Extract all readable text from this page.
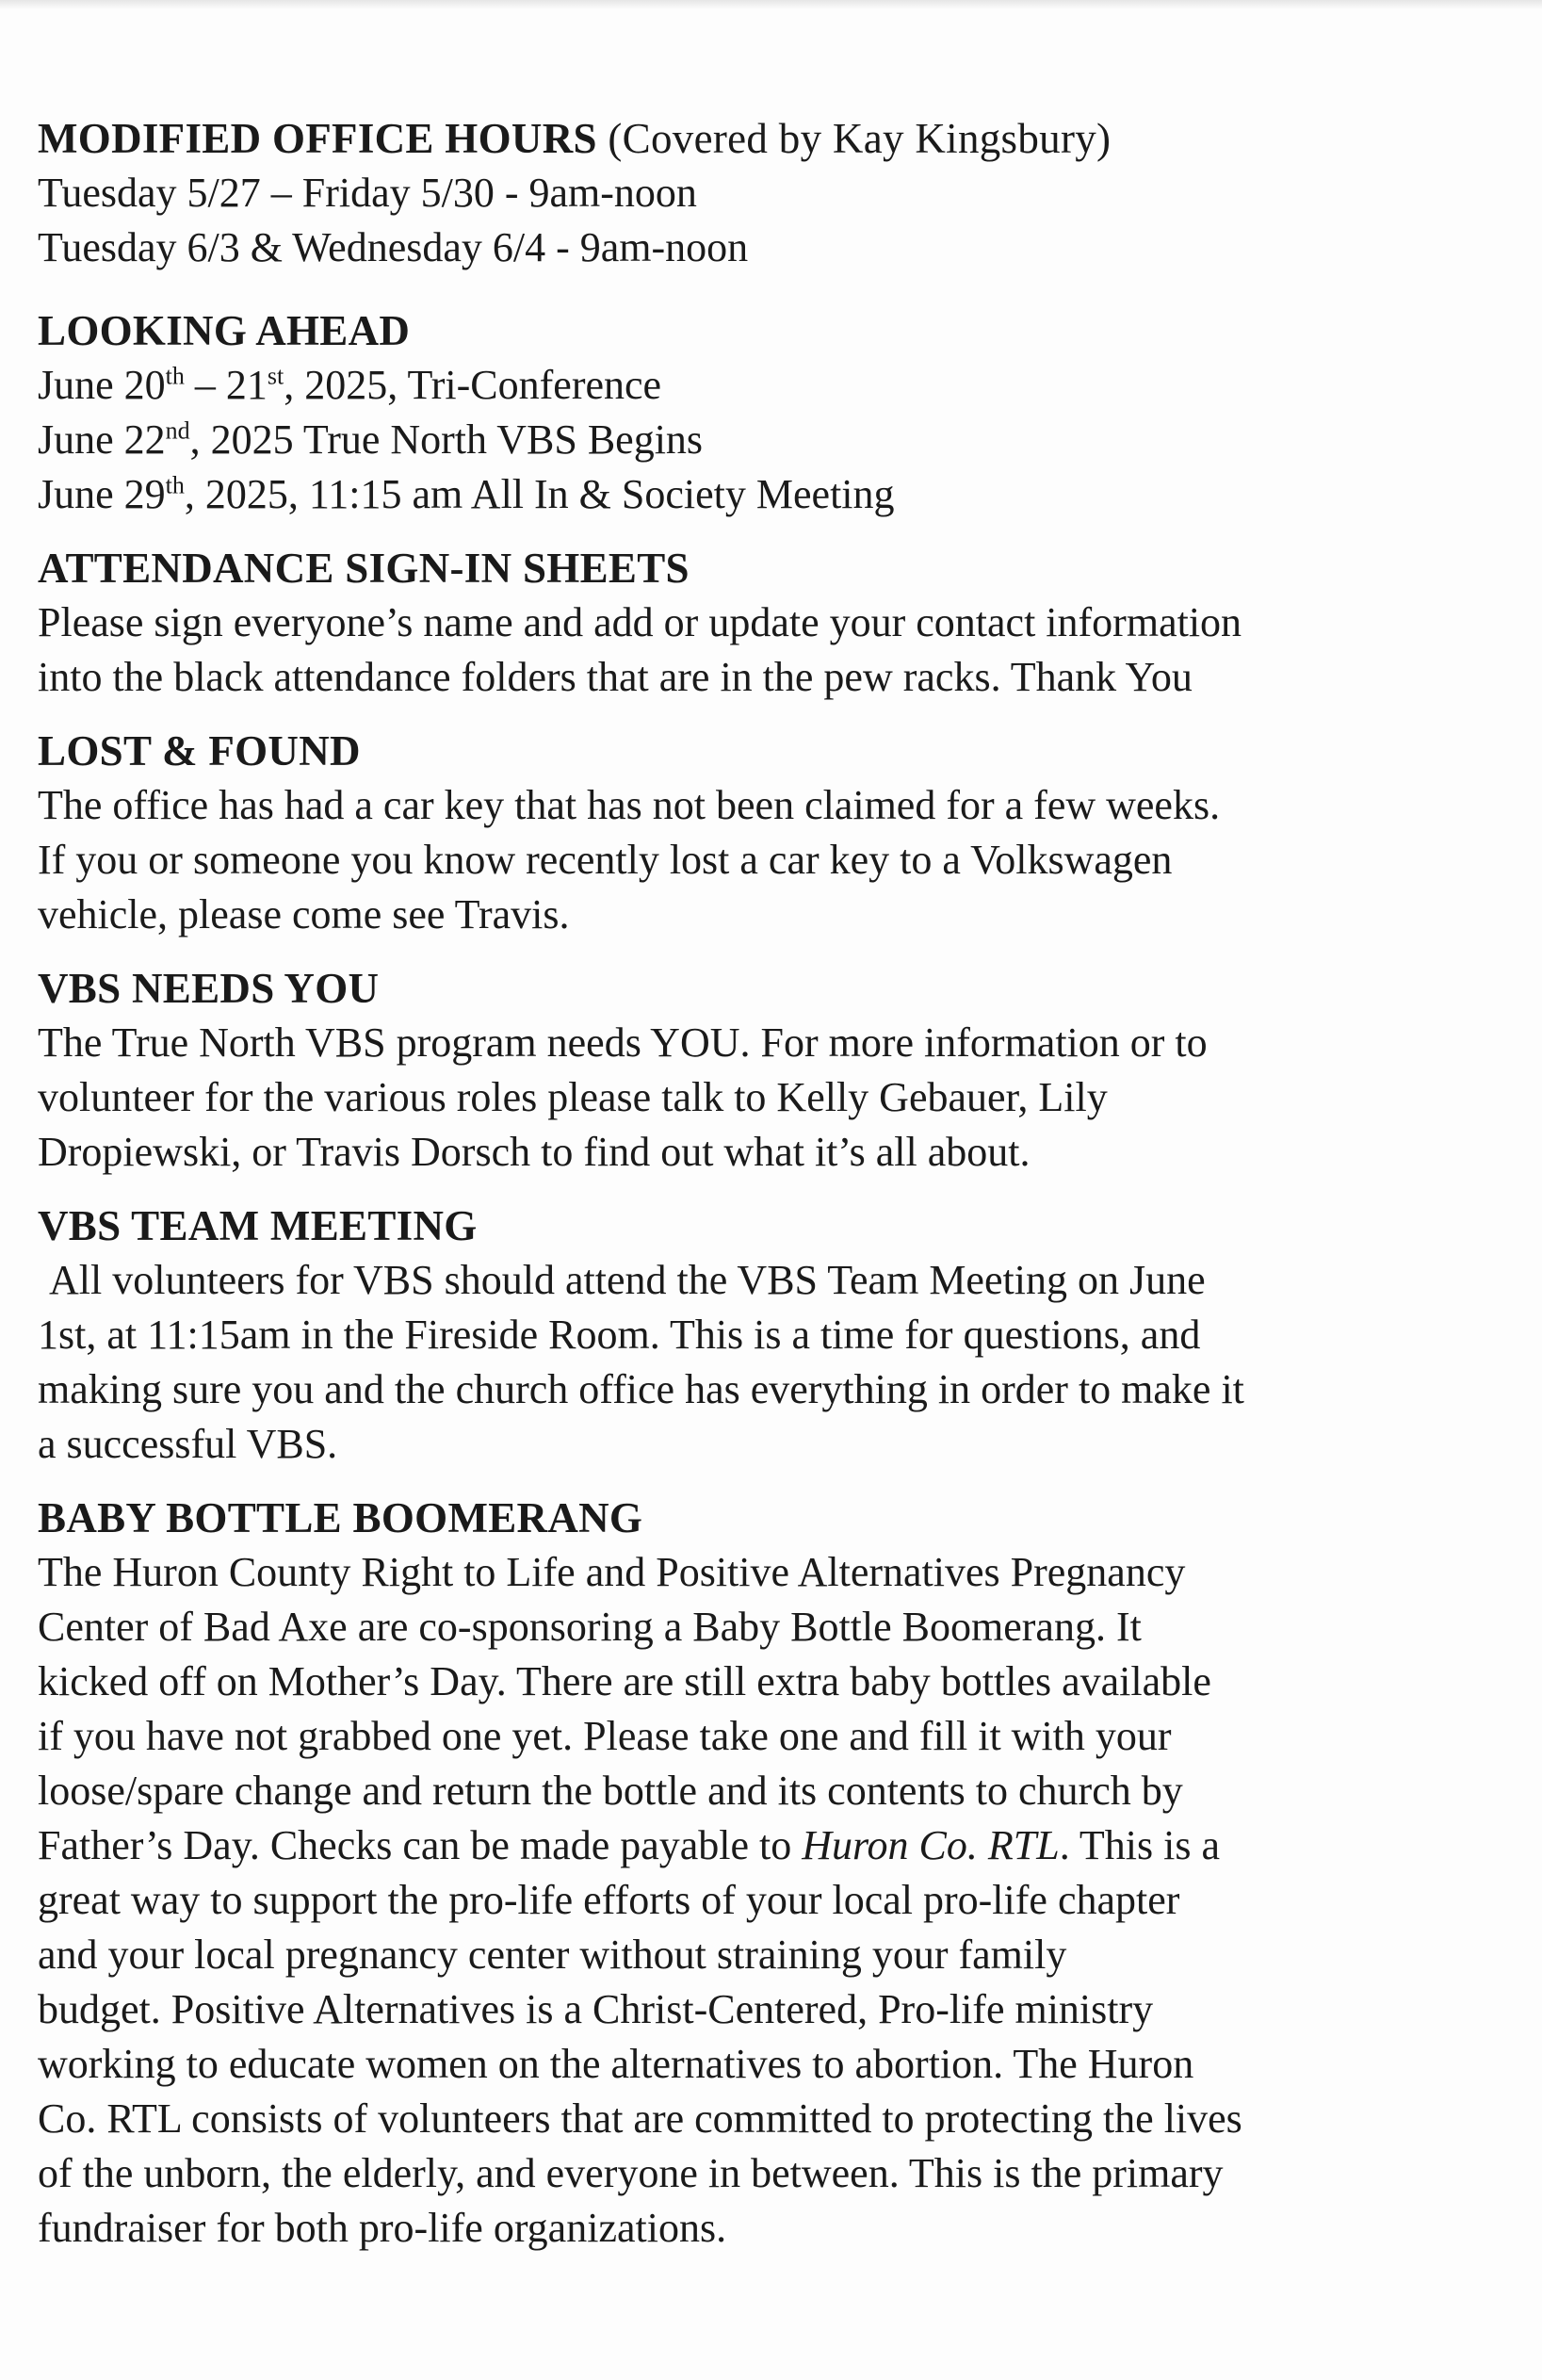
MODIFIED OFFICE HOURS (Covered by Kay Kingsbury)

Tuesday 5/27 – Friday 5/30 - 9am-noon

Tuesday 6/3 & Wednesday 6/4 - 9am-noon

LOOKING AHEAD

June 20th – 21st, 2025, Tri-Conference

June 22nd, 2025 True North VBS Begins

June 29th, 2025, 11:15 am All In & Society Meeting

ATTENDANCE SIGN-IN SHEETS

Please sign everyone’s name and add or update your contact information

into the black attendance folders that are in the pew racks. Thank You

LOST & FOUND

The office has had a car key that has not been claimed for a few weeks.

If you or someone you know recently lost a car key to a Volkswagen

vehicle, please come see Travis.

VBS NEEDS YOU

The True North VBS program needs YOU. For more information or to

volunteer for the various roles please talk to Kelly Gebauer, Lily

Dropiewski, or Travis Dorsch to find out what it’s all about.

VBS TEAM MEETING

All volunteers for VBS should attend the VBS Team Meeting on June

1st, at 11:15am in the Fireside Room. This is a time for questions, and

making sure you and the church office has everything in order to make it

a successful VBS.

BABY BOTTLE BOOMERANG

The Huron County Right to Life and Positive Alternatives Pregnancy

Center of Bad Axe are co-sponsoring a Baby Bottle Boomerang. It

kicked off on Mother’s Day. There are still extra baby bottles available

if you have not grabbed one yet. Please take one and fill it with your

loose/spare change and return the bottle and its contents to church by

Father’s Day. Checks can be made payable to Huron Co. RTL. This is a

great way to support the pro-life efforts of your local pro-life chapter

and your local pregnancy center without straining your family

budget. Positive Alternatives is a Christ-Centered, Pro-life ministry

working to educate women on the alternatives to abortion. The Huron

Co. RTL consists of volunteers that are committed to protecting the lives

of the unborn, the elderly, and everyone in between. This is the primary

fundraiser for both pro-life organizations.
